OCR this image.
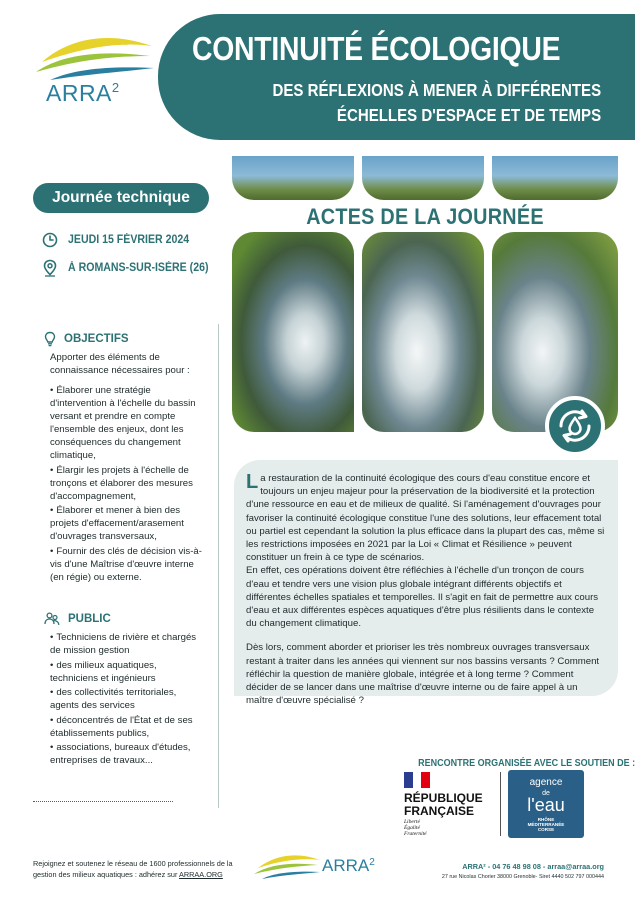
ARRA$^2$
CONTINUITÉ ÉCOLOGIQUE
DES RÉFLEXIONS À MENER À DIFFÉRENTES
ÉCHELLES D'ESPACE ET DE TEMPS
Journée technique
JEUDI 15 FÉVRIER 2024
À ROMANS-SUR-ISÈRE (26)
OBJECTIFS

Apporter des éléments de connaissance nécessaires pour :

• Élaborer une stratégie d'intervention à l'échelle du bassin versant et prendre en compte l'ensemble des enjeux, dont les conséquences du changement climatique,
• Élargir les projets à l'échelle de tronçons et élaborer des mesures d'accompagnement,
• Élaborer et mener à bien des projets d'effacement/arasement d'ouvrages transversaux,
• Fournir des clés de décision vis-à-vis d'une Maîtrise d'œuvre interne (en régie) ou externe.
PUBLIC
• Techniciens de rivière et chargés de mission gestion
• des milieux aquatiques, techniciens et ingénieurs
• des collectivités territoriales, agents des services
• déconcentrés de l'État et de ses établissements publics,
• associations, bureaux d'études, entreprises de travaux...
ACTES DE LA JOURNÉE

La restauration de la continuité écologique des cours d'eau constitue encore et toujours un enjeu majeur pour la préservation de la biodiversité et la protection d'une ressource en eau et de milieux de qualité. Si l'aménagement d'ouvrages pour favoriser la continuité écologique constitue l'une des solutions, leur effacement total ou partiel est cependant la solution la plus efficace dans la plupart des cas, même si les restrictions imposées en 2021 par la Loi « Climat et Résilience » peuvent constituer un frein à ce type de scénarios.

En effet, ces opérations doivent être réfléchies à l'échelle d'un tronçon de cours d'eau et tendre vers une vision plus globale intégrant différents objectifs et différentes échelles spatiales et temporelles. Il s'agit en fait de permettre aux cours d'eau et aux différentes espèces aquatiques d'être plus résilients dans le contexte du changement climatique.

Dès lors, comment aborder et prioriser les très nombreux ouvrages transversaux restant à traiter dans les années qui viennent sur nos bassins versants ? Comment réfléchir la question de manière globale, intégrée et à long terme ? Comment décider de se lancer dans une maîtrise d'œuvre interne ou de faire appel à un maître d'œuvre spécialisé ?

RENCONTRE ORGANISÉE AVEC LE SOUTIEN DE :
RÉPUBLIQUE
FRANÇAISE
Liberté
Égalité
Fraternité
agence
de
l'eau
RHÔNE
MÉDITERRANÉE
CORSE
Rejoignez et soutenez le réseau de 1600 professionnels de la gestion des milieux aquatiques : adhérez sur ARRAA.ORG	ARRA$^2$	ARRA² - 04 76 48 98 08 - arraa@arraa.org
27 rue Nicolas Chorier 38000 Grenoble- Siret 4440 502 797 000444
